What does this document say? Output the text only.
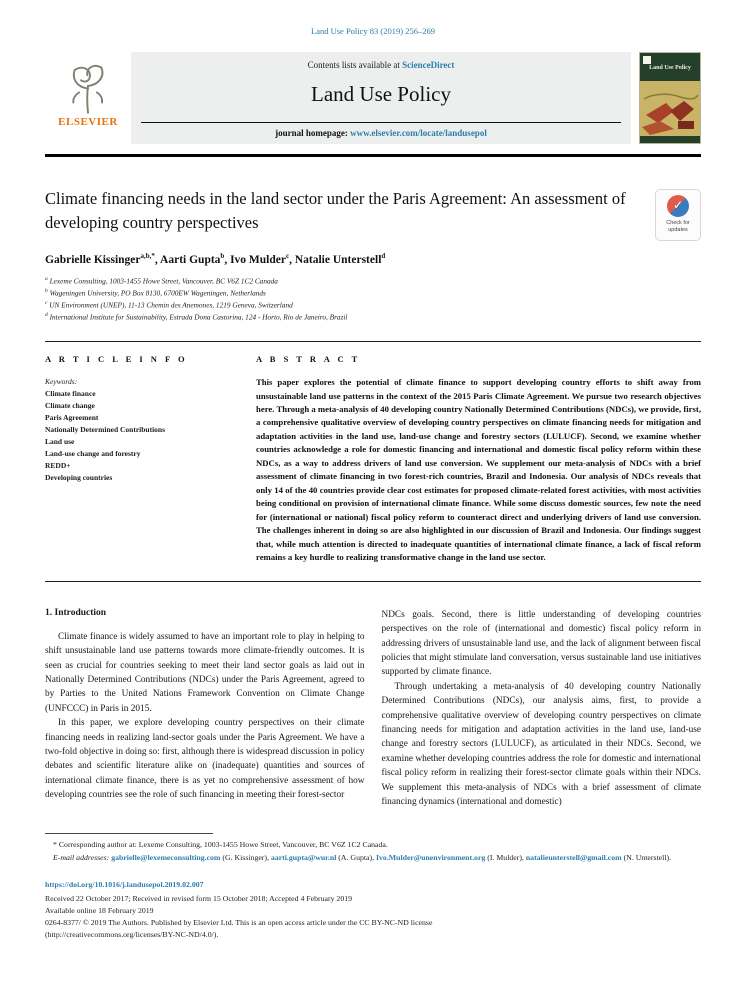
Land Use Policy 83 (2019) 256–269
ELSEVIER
Contents lists available at ScienceDirect
Land Use Policy
journal homepage: www.elsevier.com/locate/landusepol
Land Use Policy
Climate financing needs in the land sector under the Paris Agreement: An assessment of developing country perspectives
✓	Check for updates
Gabrielle Kissinger$^{a,b,*}$, Aarti Gupta$^b$, Ivo Mulder$^c$, Natalie Unterstell$^d$
$^a$ Lexeme Consulting, 1003-1455 Howe Street, Vancouver, BC V6Z 1C2 Canada
$^b$ Wageningen University, PO Box 8130, 6700EW Wageningen, Netherlands
$^c$ UN Environment (UNEP), 11-13 Chemin des Anemones, 1219 Geneva, Switzerland
$^d$ International Institute for Sustainability, Estrada Dona Castorina, 124 - Horto, Rio de Janeiro, Brazil
A R T I C L E I N F O
Keywords:
Climate finance
Climate change
Paris Agreement
Nationally Determined Contributions
Land use
Land-use change and forestry
REDD+
Developing countries
A B S T R A C T
This paper explores the potential of climate finance to support developing country efforts to shift away from unsustainable land use patterns in the context of the 2015 Paris Climate Agreement. We pursue two research objectives here. Through a meta-analysis of 40 developing country Nationally Determined Contributions (NDCs), we provide, first, a comprehensive qualitative overview of developing country perspectives on climate financing needs for mitigation and adaptation activities in the land use, land-use change and forestry sectors (LULUCF). Second, we examine whether countries acknowledge a role for domestic financing and international and domestic fiscal policy reform within these NDCs, as a way to address drivers of land use conversion. We supplement our meta-analysis of NDCs with a brief assessment of climate financing in two forest-rich countries, Brazil and Indonesia. Our analysis of NDCs reveals that only 14 of the 40 countries provide clear cost estimates for proposed climate-related forest activities, with most activities being conditional on provision of international climate finance. While some discuss domestic sources, few note the need for (international or national) fiscal policy reform to counteract direct and underlying drivers of land use conversion. The challenges inherent in doing so are also highlighted in our discussion of Brazil and Indonesia. Our findings suggest that, while much attention is directed to inadequate quantities of international climate finance, a lack of fiscal reform remains a key hurdle to realizing transformative change in the land use sector.
1. Introduction

Climate finance is widely assumed to have an important role to play in helping to shift unsustainable land use patterns towards more climate-friendly outcomes. It is seen as crucial for countries seeking to meet their land sector goals as laid out in Nationally Determined Contributions (NDCs) under the Paris Agreement, agreed to by Parties to the United Nations Framework Convention on Climate Change (UNFCCC) in Paris in 2015.

In this paper, we explore developing country perspectives on their climate financing needs in realizing land-sector goals under the Paris Agreement. We have a two-fold objective in doing so: first, although there is widespread discussion in policy debates and scientific literature alike on (inadequate) quantities and sources of international climate finance, there is as yet no comprehensive assessment of how developing countries see the role of such financing in meeting their forest-sector

NDCs goals. Second, there is little understanding of developing countries perspectives on the role of (international and domestic) fiscal policy reform in addressing drivers of unsustainable land use, and the lack of alignment between fiscal policies that might stimulate land conversation, versus sustainable land use initiatives supported by climate finance.

Through undertaking a meta-analysis of 40 developing country Nationally Determined Contributions (NDCs), our analysis aims, first, to provide a comprehensive qualitative overview of developing country perspectives on climate financing needs for mitigation and adaptation activities in the land use, land-use change and forestry sectors (LULUCF), as articulated in their NDCs. Second, we examine whether developing countries address the role for domestic and international fiscal policy reform in realizing their forest-sector climate goals within their NDCs. We supplement this meta-analysis of NDCs with a brief assessment of climate financing dynamics (international and domestic)

* Corresponding author at: Lexeme Consulting, 1003-1455 Howe Street, Vancouver, BC V6Z 1C2 Canada.
E-mail addresses: gabrielle@lexemeconsulting.com (G. Kissinger), aarti.gupta@wur.nl (A. Gupta), Ivo.Mulder@unenvironment.org (I. Mulder), natalieunterstell@gmail.com (N. Unterstell).
https://doi.org/10.1016/j.landusepol.2019.02.007
Received 22 October 2017; Received in revised form 15 October 2018; Accepted 4 February 2019
Available online 18 February 2019
0264-8377/ © 2019 The Authors. Published by Elsevier Ltd. This is an open access article under the CC BY-NC-ND license
(http://creativecommons.org/licenses/BY-NC-ND/4.0/).
